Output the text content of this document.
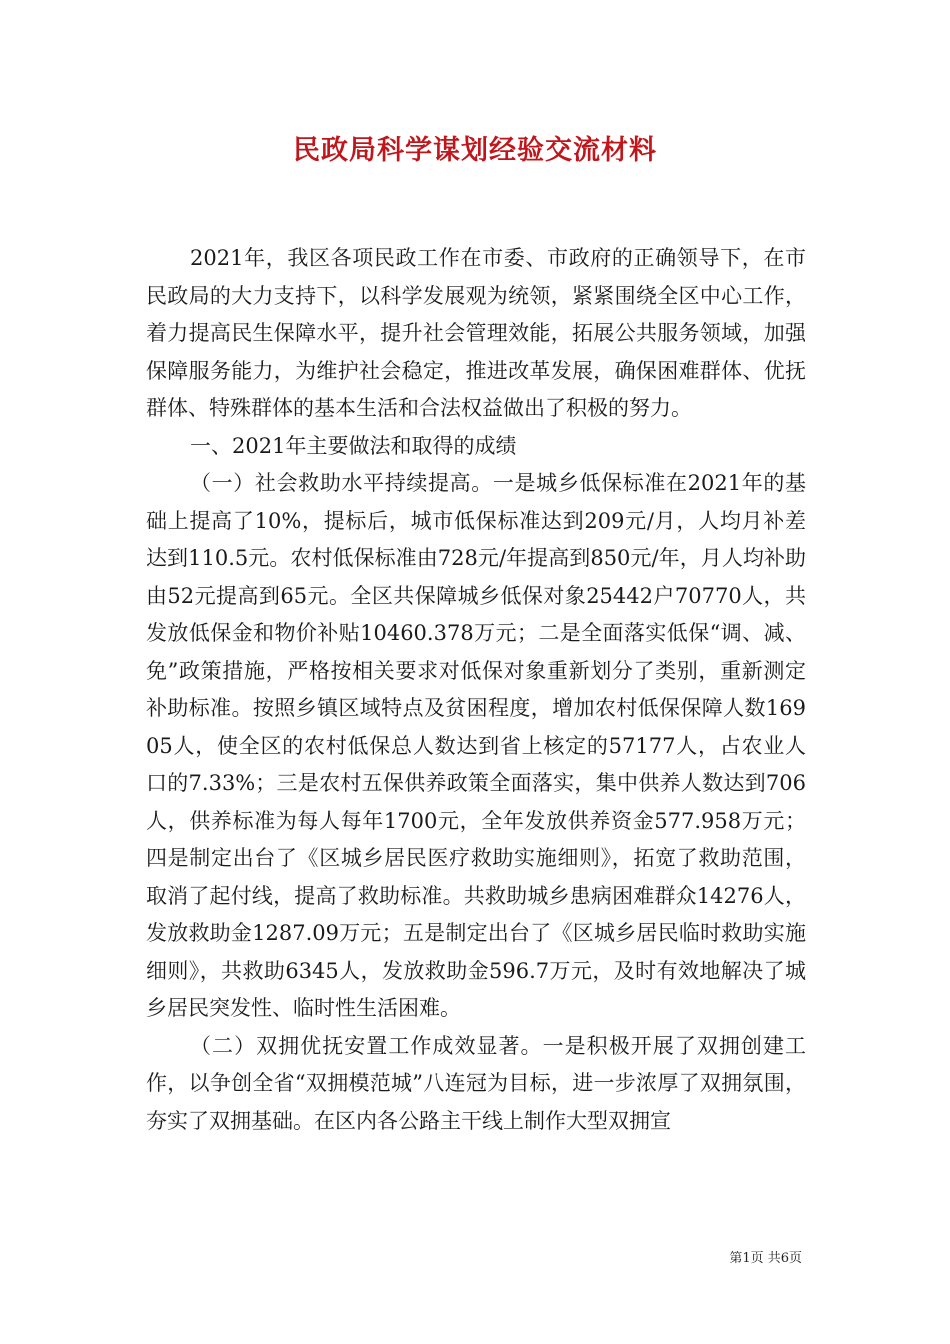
民政局科学谋划经验交流材料

2021年，我区各项民政工作在市委、市政府的正确领导下，在市民政局的大力支持下，以科学发展观为统领，紧紧围绕全区中心工作，着力提高民生保障水平，提升社会管理效能，拓展公共服务领域，加强保障服务能力，为维护社会稳定，推进改革发展，确保困难群体、优抚群体、特殊群体的基本生活和合法权益做出了积极的努力。

一、2021年主要做法和取得的成绩

（一）社会救助水平持续提高。一是城乡低保标准在2021年的基础上提高了10%，提标后，城市低保标准达到209元/月，人均月补差达到110.5元。农村低保标准由728元/年提高到850元/年，月人均补助由52元提高到65元。全区共保障城乡低保对象25442户70770人，共发放低保金和物价补贴10460.378万元；二是全面落实低保“调、减、免”政策措施，严格按相关要求对低保对象重新划分了类别，重新测定补助标准。按照乡镇区域特点及贫困程度，增加农村低保保障人数16905人，使全区的农村低保总人数达到省上核定的57177人，占农业人口的7.33%；三是农村五保供养政策全面落实，集中供养人数达到706人，供养标准为每人每年1700元，全年发放供养资金577.958万元；四是制定出台了《区城乡居民医疗救助实施细则》，拓宽了救助范围，取消了起付线，提高了救助标准。共救助城乡患病困难群众14276人，发放救助金1287.09万元；五是制定出台了《区城乡居民临时救助实施细则》，共救助6345人，发放救助金596.7万元，及时有效地解决了城乡居民突发性、临时性生活困难。

（二）双拥优抚安置工作成效显著。一是积极开展了双拥创建工作，以争创全省“双拥模范城”八连冠为目标，进一步浓厚了双拥氛围，夯实了双拥基础。在区内各公路主干线上制作大型双拥宣

第1页 共6页
